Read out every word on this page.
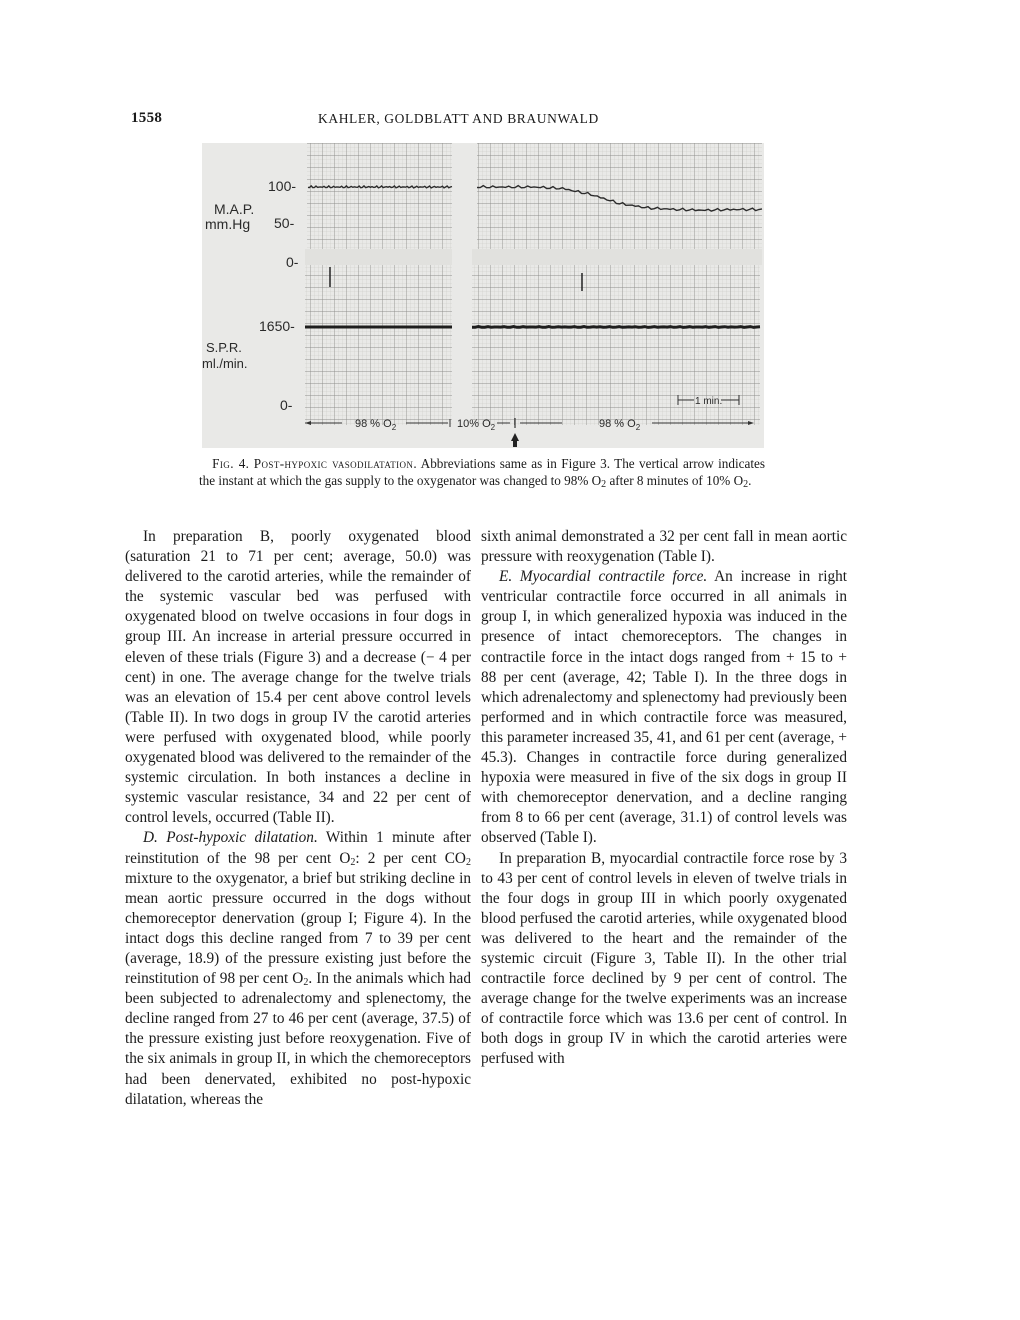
1558	KAHLER, GOLDBLATT AND BRAUNWALD
M.A.P.
mm.Hg
100-
50-
0-
1650-
S.P.R.
ml./min.
0-
98 % $O_2$	10% $O_2$	98 % $O_2$
1 min.
Fig. 4. Post-hypoxic vasodilatation. Abbreviations same as in Figure 3. The vertical arrow indicates the instant at which the gas supply to the oxygenator was changed to 98% $O_2$ after 8 minutes of 10% $O_2$.

In preparation B, poorly oxygenated blood (saturation 21 to 71 per cent; average, 50.0) was delivered to the carotid arteries, while the remainder of the systemic vascular bed was perfused with oxygenated blood on twelve occasions in four dogs in group III. An increase in arterial pressure occurred in eleven of these trials (Figure 3) and a decrease (− 4 per cent) in one. The average change for the twelve trials was an elevation of 15.4 per cent above control levels (Table II). In two dogs in group IV the carotid arteries were perfused with oxygenated blood, while poorly oxygenated blood was delivered to the remainder of the systemic circulation. In both instances a decline in systemic vascular resistance, 34 and 22 per cent of control levels, occurred (Table II).

D. Post-hypoxic dilatation. Within 1 minute after reinstitution of the 98 per cent $O_2$: 2 per cent $CO_2$ mixture to the oxygenator, a brief but striking decline in mean aortic pressure occurred in the dogs without chemoreceptor denervation (group I; Figure 4). In the intact dogs this decline ranged from 7 to 39 per cent (average, 18.9) of the pressure existing just before the reinstitution of 98 per cent $O_2$. In the animals which had been subjected to adrenalectomy and splenectomy, the decline ranged from 27 to 46 per cent (average, 37.5) of the pressure existing just before reoxygenation. Five of the six animals in group II, in which the chemoreceptors had been denervated, exhibited no post-hypoxic dilatation, whereas the

sixth animal demonstrated a 32 per cent fall in mean aortic pressure with reoxygenation (Table I).

E. Myocardial contractile force. An increase in right ventricular contractile force occurred in all animals in group I, in which generalized hypoxia was induced in the presence of intact chemoreceptors. The changes in contractile force in the intact dogs ranged from + 15 to + 88 per cent (average, 42; Table I). In the three dogs in which adrenalectomy and splenectomy had previously been performed and in which contractile force was measured, this parameter increased 35, 41, and 61 per cent (average, + 45.3). Changes in contractile force during generalized hypoxia were measured in five of the six dogs in group II with chemoreceptor denervation, and a decline ranging from 8 to 66 per cent (average, 31.1) of control levels was observed (Table I).

In preparation B, myocardial contractile force rose by 3 to 43 per cent of control levels in eleven of twelve trials in the four dogs in group III in which poorly oxygenated blood perfused the carotid arteries, while oxygenated blood was delivered to the heart and the remainder of the systemic circuit (Figure 3, Table II). In the other trial contractile force declined by 9 per cent of control. The average change for the twelve experiments was an increase of contractile force which was 13.6 per cent of control. In both dogs in group IV in which the carotid arteries were perfused with
